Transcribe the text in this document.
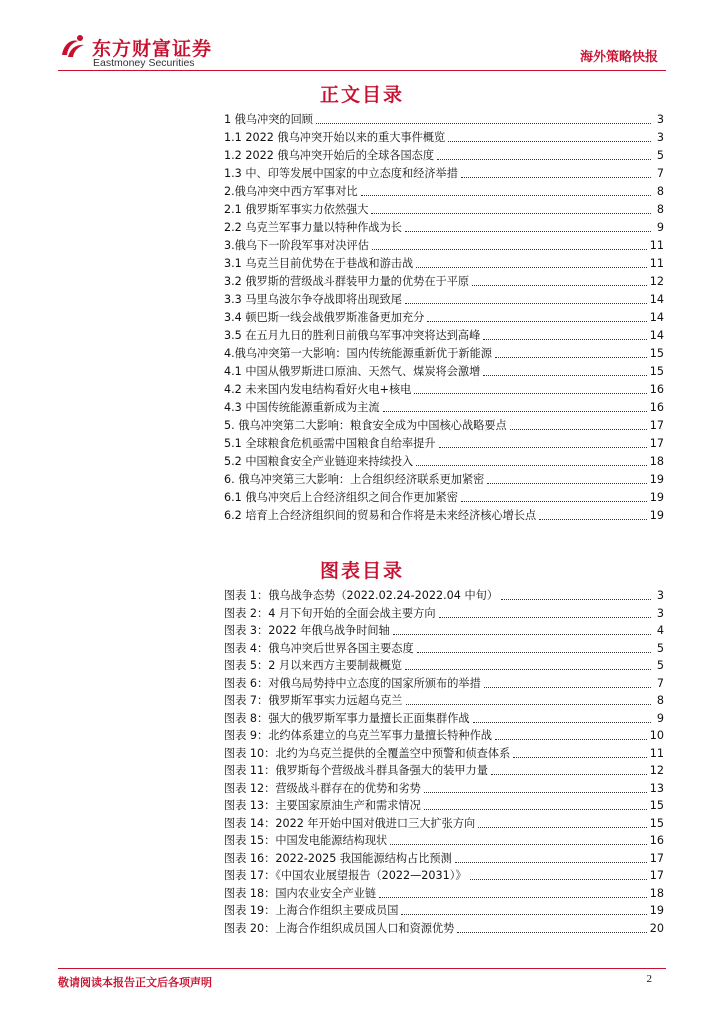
东方财富证券
Eastmoney Securities	海外策略快报
正文目录
1 俄乌冲突的回顾	3
1.1 2022 俄乌冲突开始以来的重大事件概览	3
1.2 2022 俄乌冲突开始后的全球各国态度	5
1.3 中、印等发展中国家的中立态度和经济举措	7
2.俄乌冲突中西方军事对比	8
2.1 俄罗斯军事实力依然强大	8
2.2 乌克兰军事力量以特种作战为长	9
3.俄乌下一阶段军事对决评估	11
3.1 乌克兰目前优势在于巷战和游击战	11
3.2 俄罗斯的营级战斗群装甲力量的优势在于平原	12
3.3 马里乌波尔争夺战即将出现致尾	14
3.4 顿巴斯一线会战俄罗斯准备更加充分	14
3.5 在五月九日的胜利日前俄乌军事冲突将达到高峰	14
4.俄乌冲突第一大影响：国内传统能源重新优于新能源	15
4.1 中国从俄罗斯进口原油、天然气、煤炭将会激增	15
4.2 未来国内发电结构看好火电+核电	16
4.3 中国传统能源重新成为主流	16
5. 俄乌冲突第二大影响：粮食安全成为中国核心战略要点	17
5.1 全球粮食危机亟需中国粮食自给率提升	17
5.2 中国粮食安全产业链迎来持续投入	18
6. 俄乌冲突第三大影响：上合组织经济联系更加紧密	19
6.1 俄乌冲突后上合经济组织之间合作更加紧密	19
6.2 培育上合经济组织间的贸易和合作将是未来经济核心增长点	19
图表目录
图表 1：俄乌战争态势（2022.02.24-2022.04 中旬）	3
图表 2：4 月下旬开始的全面会战主要方向	3
图表 3：2022 年俄乌战争时间轴	4
图表 4：俄乌冲突后世界各国主要态度	5
图表 5：2 月以来西方主要制裁概览	5
图表 6：对俄乌局势持中立态度的国家所颁布的举措	7
图表 7：俄罗斯军事实力远超乌克兰	8
图表 8：强大的俄罗斯军事力量擅长正面集群作战	9
图表 9：北约体系建立的乌克兰军事力量擅长特种作战	10
图表 10：北约为乌克兰提供的全覆盖空中预警和侦查体系	11
图表 11：俄罗斯每个营级战斗群具备强大的装甲力量	12
图表 12：营级战斗群存在的优势和劣势	13
图表 13：主要国家原油生产和需求情况	15
图表 14：2022 年开始中国对俄进口三大扩张方向	15
图表 15：中国发电能源结构现状	16
图表 16：2022-2025 我国能源结构占比预测	17
图表 17：《中国农业展望报告（2022—2031）》	17
图表 18：国内农业安全产业链	18
图表 19：上海合作组织主要成员国	19
图表 20：上海合作组织成员国人口和资源优势	20
敬请阅读本报告正文后各项声明	2
